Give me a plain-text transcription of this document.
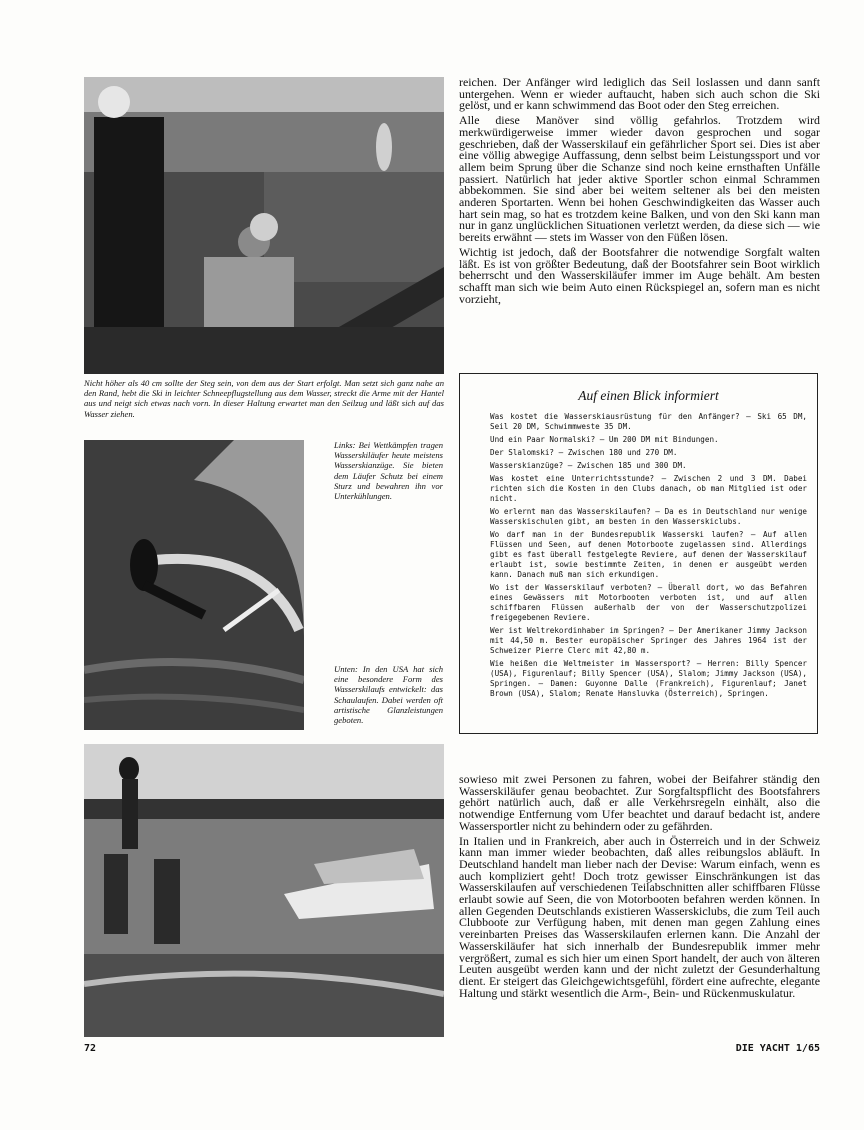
Nicht höher als 40 cm sollte der Steg sein, von dem aus der Start erfolgt. Man setzt sich ganz nahe an den Rand, hebt die Ski in leichter Schneepflugstellung aus dem Wasser, streckt die Arme mit der Hantel aus und neigt sich etwas nach vorn. In dieser Haltung erwartet man den Seilzug und läßt sich auf das Wasser ziehen.
Links: Bei Wettkämpfen tragen Wasserskiläufer heute meistens Wasserskianzüge. Sie bieten dem Läufer Schutz bei einem Sturz und bewahren ihn vor Unterkühlungen.
Unten: In den USA hat sich eine besondere Form des Wasserskilaufs entwickelt: das Schaulaufen. Dabei werden oft artistische Glanzleistungen geboten.

reichen. Der Anfänger wird lediglich das Seil loslassen und dann sanft untergehen. Wenn er wieder auftaucht, haben sich auch schon die Ski gelöst, und er kann schwimmend das Boot oder den Steg erreichen.

Alle diese Manöver sind völlig gefahrlos. Trotzdem wird merkwürdigerweise immer wieder davon gesprochen und sogar geschrieben, daß der Wasserskilauf ein gefährlicher Sport sei. Dies ist aber eine völlig abwegige Auffassung, denn selbst beim Leistungssport und vor allem beim Sprung über die Schanze sind noch keine ernsthaften Unfälle passiert. Natürlich hat jeder aktive Sportler schon einmal Schrammen abbekommen. Sie sind aber bei weitem seltener als bei den meisten anderen Sportarten. Wenn bei hohen Geschwindigkeiten das Wasser auch hart sein mag, so hat es trotzdem keine Balken, und von den Ski kann man nur in ganz unglücklichen Situationen verletzt werden, da diese sich — wie bereits erwähnt — stets im Wasser von den Füßen lösen.

Wichtig ist jedoch, daß der Bootsfahrer die notwendige Sorgfalt walten läßt. Es ist von größter Bedeutung, daß der Bootsfahrer sein Boot wirklich beherrscht und den Wasserskiläufer immer im Auge behält. Am besten schafft man sich wie beim Auto einen Rückspiegel an, sofern man es nicht vorzieht,

Auf einen Blick informiert
Was kostet die Wasserskiausrüstung für den Anfänger? — Ski 65 DM, Seil 20 DM, Schwimmweste 35 DM.
Und ein Paar Normalski? — Um 200 DM mit Bindungen.
Der Slalomski? — Zwischen 180 und 270 DM.
Wasserskianzüge? — Zwischen 185 und 300 DM.
Was kostet eine Unterrichtsstunde? — Zwischen 2 und 3 DM. Dabei richten sich die Kosten in den Clubs danach, ob man Mitglied ist oder nicht.
Wo erlernt man das Wasserskilaufen? — Da es in Deutschland nur wenige Wasserskischulen gibt, am besten in den Wasserskiclubs.
Wo darf man in der Bundesrepublik Wasserski laufen? — Auf allen Flüssen und Seen, auf denen Motorboote zugelassen sind. Allerdings gibt es fast überall festgelegte Reviere, auf denen der Wasserskilauf erlaubt ist, sowie bestimmte Zeiten, in denen er ausgeübt werden kann. Danach muß man sich erkundigen.
Wo ist der Wasserskilauf verboten? — Überall dort, wo das Befahren eines Gewässers mit Motorbooten verboten ist, und auf allen schiffbaren Flüssen außerhalb der von der Wasserschutzpolizei freigegebenen Reviere.
Wer ist Weltrekordinhaber im Springen? — Der Amerikaner Jimmy Jackson mit 44,50 m. Bester europäischer Springer des Jahres 1964 ist der Schweizer Pierre Clerc mit 42,80 m.
Wie heißen die Weltmeister im Wassersport? — Herren: Billy Spencer (USA), Figurenlauf; Billy Spencer (USA), Slalom; Jimmy Jackson (USA), Springen. — Damen: Guyonne Dalle (Frankreich), Figurenlauf; Janet Brown (USA), Slalom; Renate Hansluvka (Österreich), Springen.

sowieso mit zwei Personen zu fahren, wobei der Beifahrer ständig den Wasserskiläufer genau beobachtet. Zur Sorgfaltspflicht des Bootsfahrers gehört natürlich auch, daß er alle Verkehrsregeln einhält, also die notwendige Entfernung vom Ufer beachtet und darauf bedacht ist, andere Wassersportler nicht zu behindern oder zu gefährden.

In Italien und in Frankreich, aber auch in Österreich und in der Schweiz kann man immer wieder beobachten, daß alles reibungslos abläuft. In Deutschland handelt man lieber nach der Devise: Warum einfach, wenn es auch kompliziert geht! Doch trotz gewisser Einschränkungen ist das Wasserskilaufen auf verschiedenen Teilabschnitten aller schiffbaren Flüsse erlaubt sowie auf Seen, die von Motorbooten befahren werden können. In allen Gegenden Deutschlands existieren Wasserskiclubs, die zum Teil auch Clubboote zur Verfügung haben, mit denen man gegen Zahlung eines vereinbarten Preises das Wasserskilaufen erlernen kann. Die Anzahl der Wasserskiläufer hat sich innerhalb der Bundesrepublik immer mehr vergrößert, zumal es sich hier um einen Sport handelt, der auch von älteren Leuten ausgeübt werden kann und der nicht zuletzt der Gesunderhaltung dient. Er steigert das Gleichgewichtsgefühl, fördert eine aufrechte, elegante Haltung und stärkt wesentlich die Arm-, Bein- und Rückenmuskulatur.

72	DIE YACHT 1/65
